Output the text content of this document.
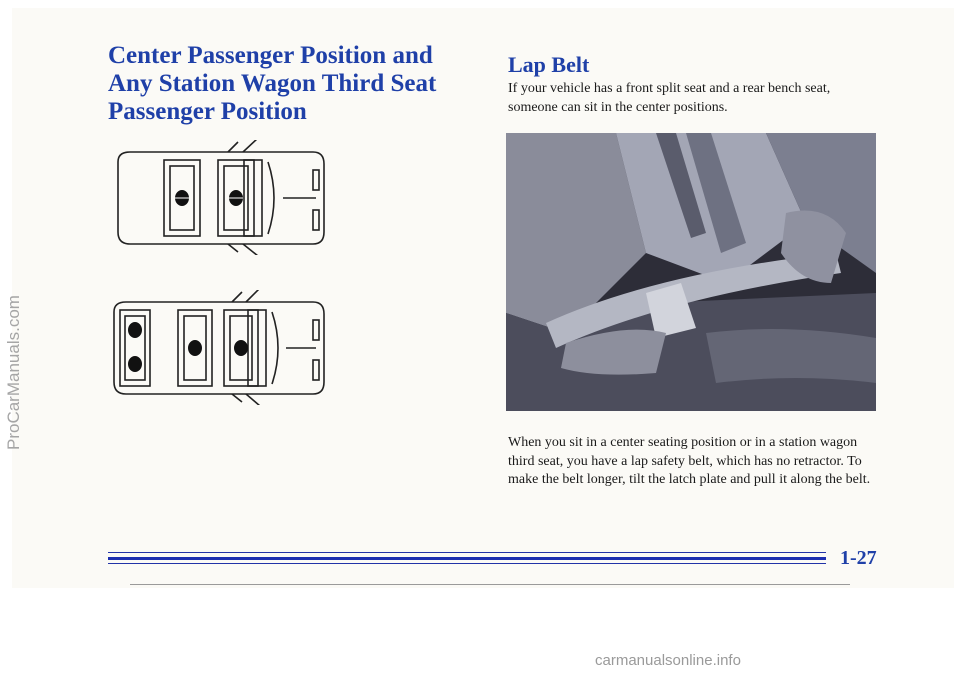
Center Passenger Position and Any Station Wagon Third Seat Passenger Position
Lap Belt

If your vehicle has a front split seat and a rear bench seat, someone can sit in the center positions.

When you sit in a center seating position or in a station wagon third seat, you have a lap safety belt, which has no retractor. To make the belt longer, tilt the latch plate and pull it along the belt.

1-27

ProCarManuals.com
carmanualsonline.info
